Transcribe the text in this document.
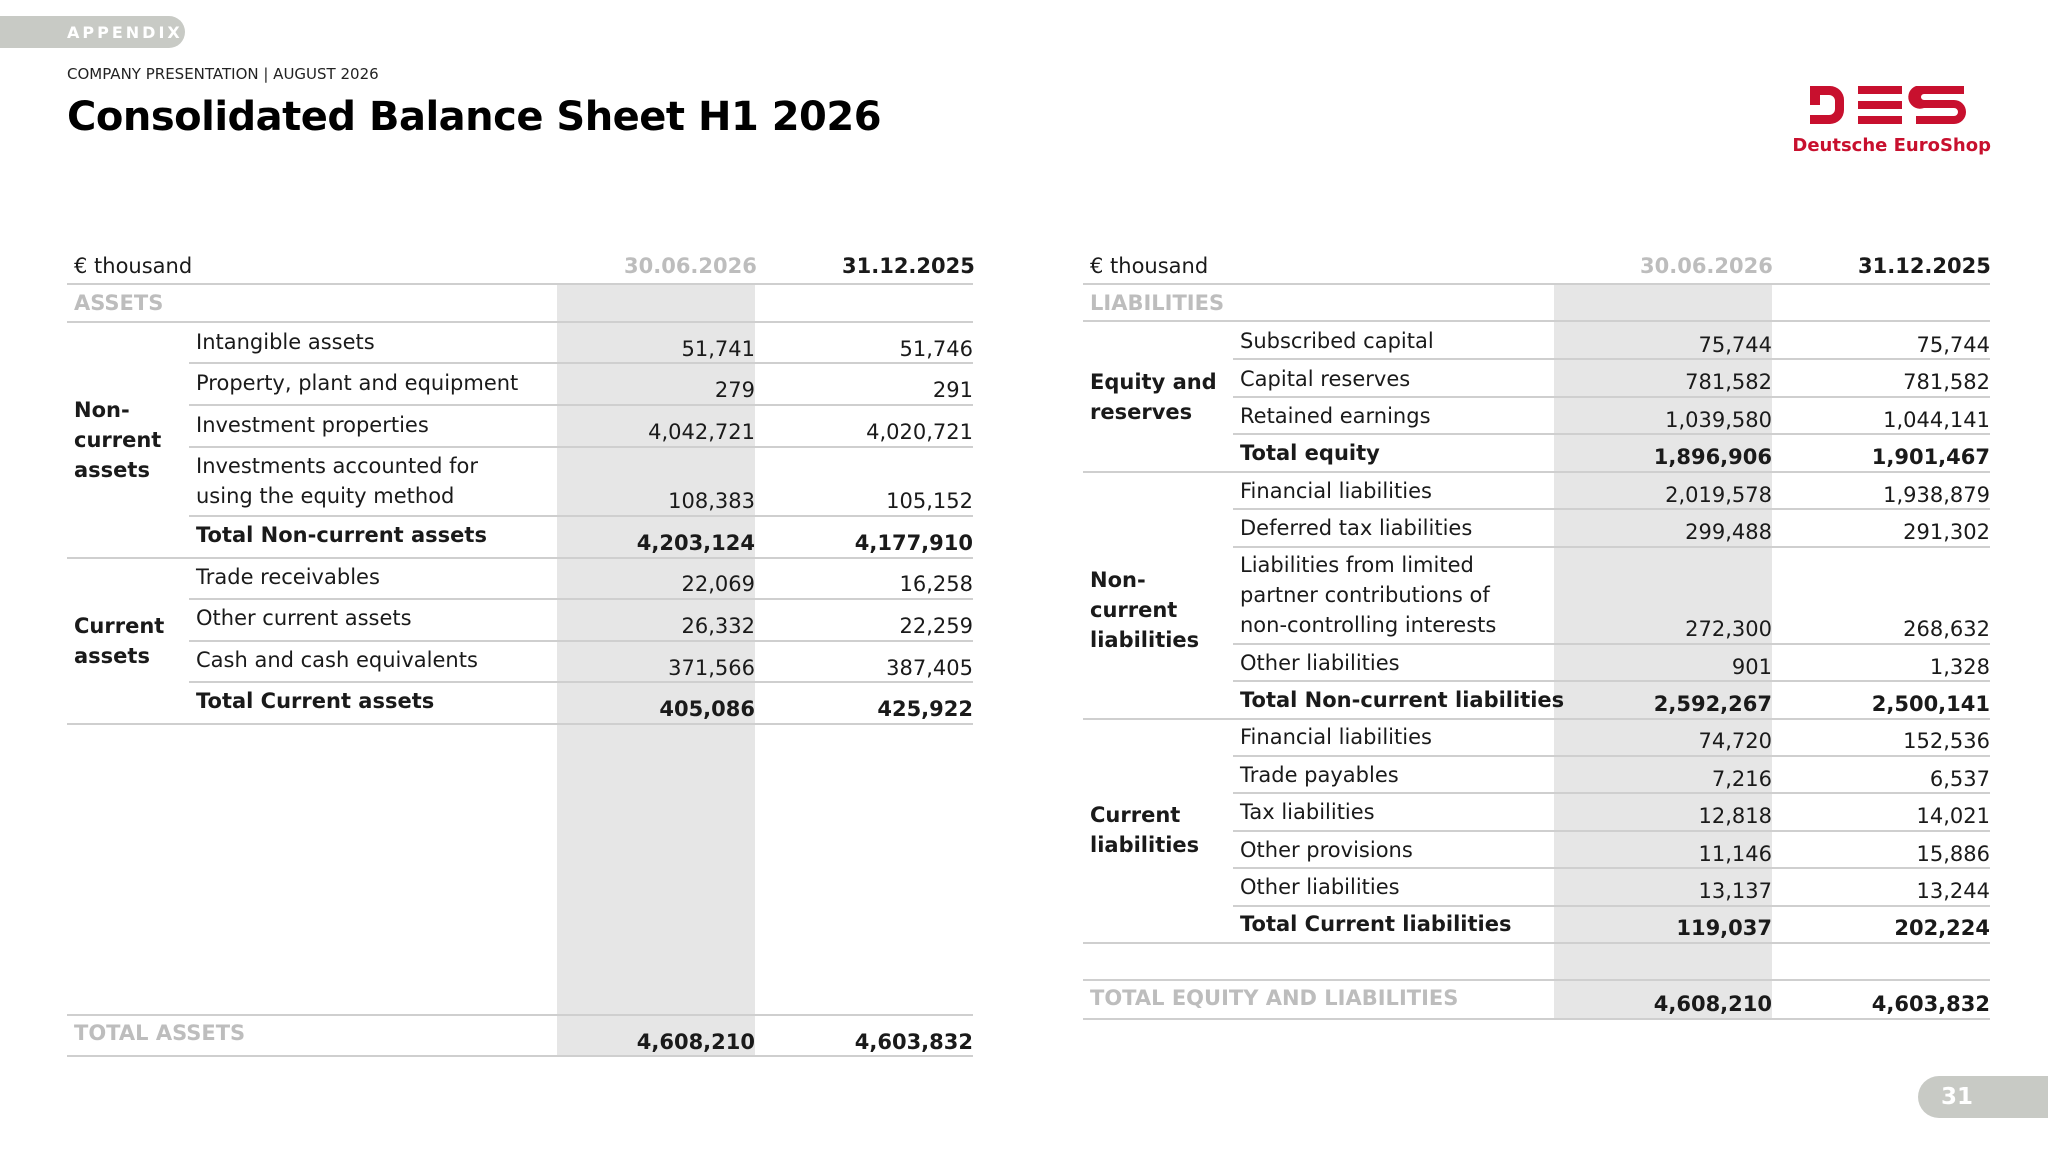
APPENDIX
COMPANY PRESENTATION | AUGUST 2026
Consolidated Balance Sheet H1 2026
Deutsche EuroShop
€ thousand	30.06.2026	31.12.2025
ASSETS
Non-current assets
Intangible assets	51,741	51,746
Property, plant and equipment	279	291
Investment properties	4,042,721	4,020,721
Investments accounted for using the equity method	108,383	105,152
Total Non-current assets	4,203,124	4,177,910
Current assets
Trade receivables	22,069	16,258
Other current assets	26,332	22,259
Cash and cash equivalents	371,566	387,405
Total Current assets	405,086	425,922
TOTAL ASSETS	4,608,210	4,603,832
€ thousand	30.06.2026	31.12.2025
LIABILITIES
Equity and reserves
Subscribed capital	75,744	75,744
Capital reserves	781,582	781,582
Retained earnings	1,039,580	1,044,141
Total equity	1,896,906	1,901,467
Non-current liabilities
Financial liabilities	2,019,578	1,938,879
Deferred tax liabilities	299,488	291,302
Liabilities from limited partner contributions of non-controlling interests	272,300	268,632
Other liabilities	901	1,328
Total Non-current liabilities	2,592,267	2,500,141
Current liabilities
Financial liabilities	74,720	152,536
Trade payables	7,216	6,537
Tax liabilities	12,818	14,021
Other provisions	11,146	15,886
Other liabilities	13,137	13,244
Total Current liabilities	119,037	202,224
TOTAL EQUITY AND LIABILITIES	4,608,210	4,603,832
31
